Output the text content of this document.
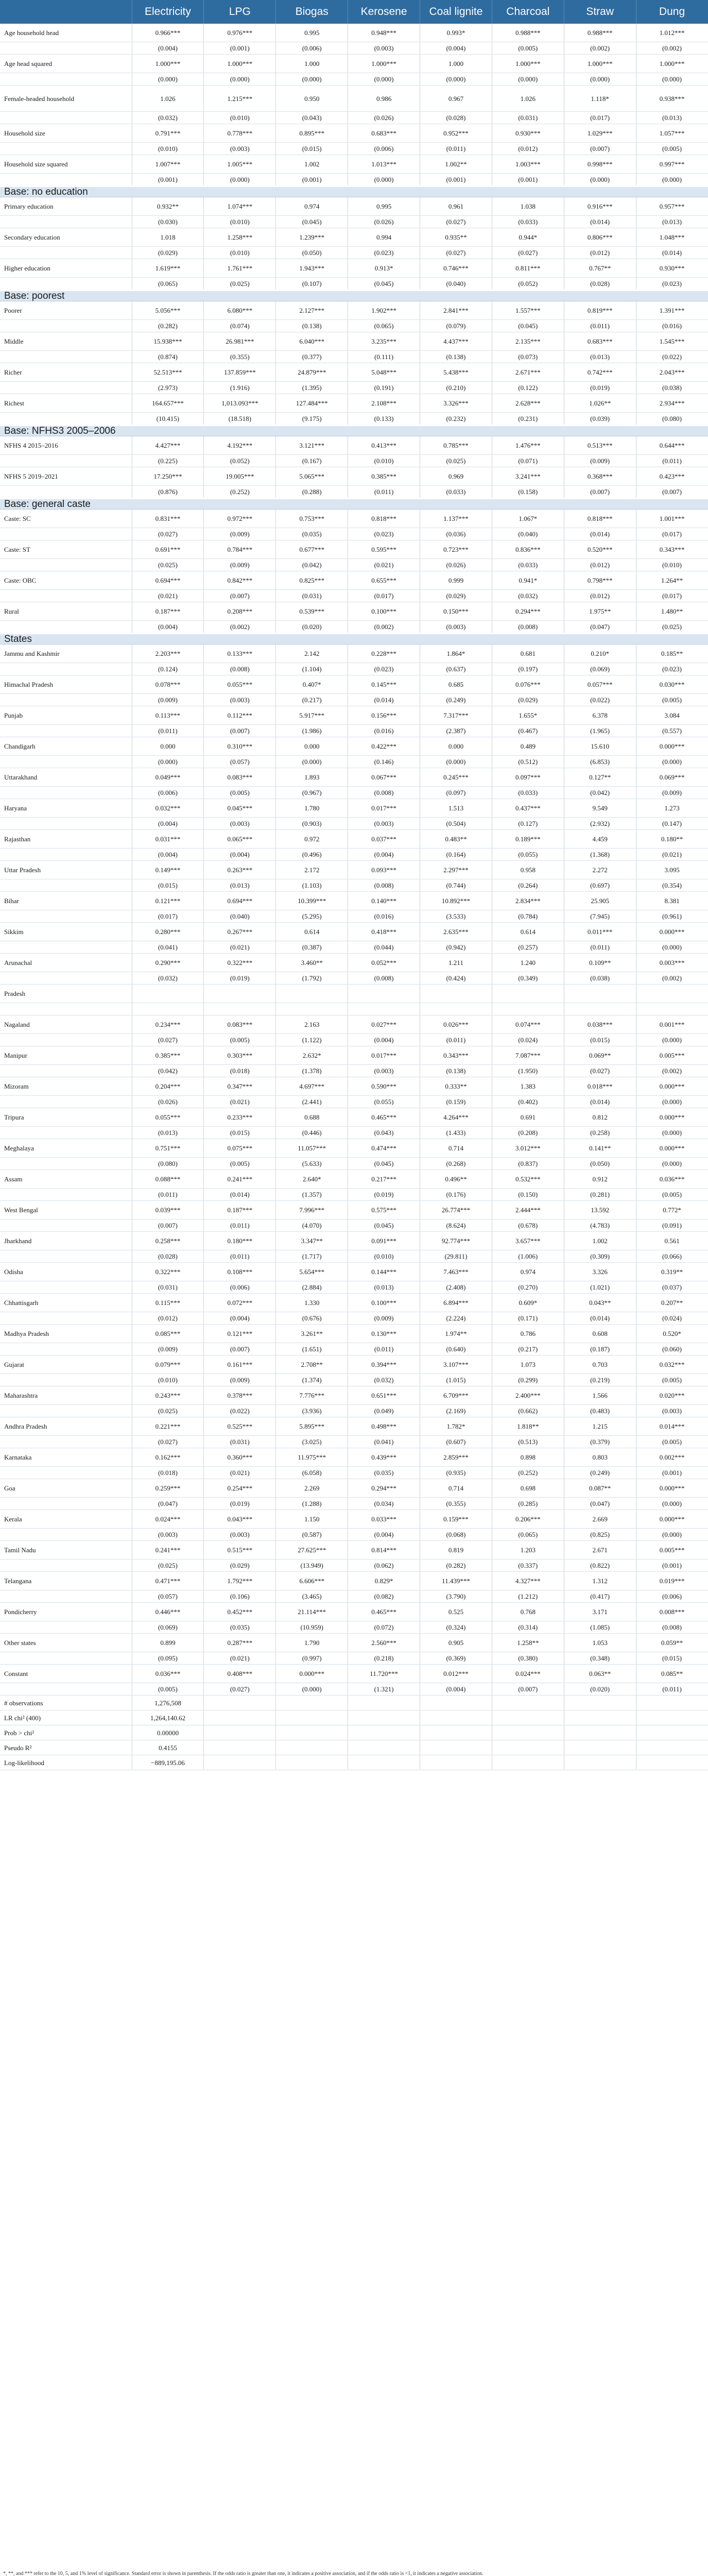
	Electricity	LPG	Biogas	Kerosene	Coal lignite	Charcoal	Straw	Dung
Age household head	0.966***	0.976***	0.995	0.948***	0.993*	0.988***	0.988***	1.012***
	(0.004)	(0.001)	(0.006)	(0.003)	(0.004)	(0.005)	(0.002)	(0.002)
Age head squared	1.000***	1.000***	1.000	1.000***	1.000	1.000***	1.000***	1.000***
	(0.000)	(0.000)	(0.000)	(0.000)	(0.000)	(0.000)	(0.000)	(0.000)
Female-headed household	1.026	1.215***	0.950	0.986	0.967	1.026	1.118*	0.938***
	(0.032)	(0.010)	(0.043)	(0.026)	(0.028)	(0.031)	(0.017)	(0.013)
Household size	0.791***	0.778***	0.895***	0.683***	0.952***	0.930***	1.029***	1.057***
	(0.010)	(0.003)	(0.015)	(0.006)	(0.011)	(0.012)	(0.007)	(0.005)
Household size squared	1.007***	1.005***	1.002	1.013***	1.002**	1.003***	0.998***	0.997***
	(0.001)	(0.000)	(0.001)	(0.000)	(0.001)	(0.001)	(0.000)	(0.000)
Base: no education								
Primary education	0.932**	1.074***	0.974	0.995	0.961	1.038	0.916***	0.957***
	(0.030)	(0.010)	(0.045)	(0.026)	(0.027)	(0.033)	(0.014)	(0.013)
Secondary education	1.018	1.258***	1.239***	0.994	0.935**	0.944*	0.806***	1.048***
	(0.029)	(0.010)	(0.050)	(0.023)	(0.027)	(0.027)	(0.012)	(0.014)
Higher education	1.619***	1.761***	1.943***	0.913*	0.746***	0.811***	0.767**	0.930***
	(0.065)	(0.025)	(0.107)	(0.045)	(0.040)	(0.052)	(0.028)	(0.023)
Base: poorest								
Poorer	5.056***	6.080***	2.127***	1.902***	2.841***	1.557***	0.819***	1.391***
	(0.282)	(0.074)	(0.138)	(0.065)	(0.079)	(0.045)	(0.011)	(0.016)
Middle	15.938***	26.981***	6.040***	3.235***	4.437***	2.135***	0.683***	1.545***
	(0.874)	(0.355)	(0.377)	(0.111)	(0.138)	(0.073)	(0.013)	(0.022)
Richer	52.513***	137.859***	24.879***	5.048***	5.438***	2.671***	0.742***	2.043***
	(2.973)	(1.916)	(1.395)	(0.191)	(0.210)	(0.122)	(0.019)	(0.038)
Richest	164.657***	1,013.093***	127.484***	2.108***	3.326***	2.628***	1.026**	2.934***
	(10.415)	(18.518)	(9.175)	(0.133)	(0.232)	(0.231)	(0.039)	(0.080)
Base: NFHS3 2005–2006								
NFHS 4 2015–2016	4.427***	4.192***	3.121***	0.413***	0.785***	1.476***	0.513***	0.644***
	(0.225)	(0.052)	(0.167)	(0.010)	(0.025)	(0.071)	(0.009)	(0.011)
NFHS 5 2019–2021	17.250***	19.005***	5.065***	0.385***	0.969	3.241***	0.368***	0.423***
	(0.876)	(0.252)	(0.288)	(0.011)	(0.033)	(0.158)	(0.007)	(0.007)
Base: general caste								
Caste: SC	0.831***	0.972***	0.753***	0.818***	1.137***	1.067*	0.818***	1.001***
	(0.027)	(0.009)	(0.035)	(0.023)	(0.036)	(0.040)	(0.014)	(0.017)
Caste: ST	0.691***	0.784***	0.677***	0.595***	0.723***	0.836***	0.520***	0.343***
	(0.025)	(0.009)	(0.042)	(0.021)	(0.026)	(0.033)	(0.012)	(0.010)
Caste: OBC	0.694***	0.842***	0.825***	0.655***	0.999	0.941*	0.798***	1.264**
	(0.021)	(0.007)	(0.031)	(0.017)	(0.029)	(0.032)	(0.012)	(0.017)
Rural	0.187***	0.208***	0.539***	0.100***	0.150***	0.294***	1.975**	1.480**
	(0.004)	(0.002)	(0.020)	(0.002)	(0.003)	(0.008)	(0.047)	(0.025)
States								
Jammu and Kashmir	2.203***	0.133***	2.142	0.228***	1.864*	0.681	0.210*	0.185**
	(0.124)	(0.008)	(1.104)	(0.023)	(0.637)	(0.197)	(0.069)	(0.023)
Himachal Pradesh	0.078***	0.055***	0.407*	0.145***	0.685	0.076***	0.057***	0.030***
	(0.009)	(0.003)	(0.217)	(0.014)	(0.249)	(0.029)	(0.022)	(0.005)
Punjab	0.113***	0.112***	5.917***	0.156***	7.317***	1.655*	6.378	3.084
	(0.011)	(0.007)	(1.986)	(0.016)	(2.387)	(0.467)	(1.965)	(0.557)
Chandigarh	0.000	0.310***	0.000	0.422***	0.000	0.489	15.610	0.000***
	(0.000)	(0.057)	(0.000)	(0.146)	(0.000)	(0.512)	(6.853)	(0.000)
Uttarakhand	0.049***	0.083***	1.893	0.067***	0.245***	0.097***	0.127**	0.069***
	(0.006)	(0.005)	(0.967)	(0.008)	(0.097)	(0.033)	(0.042)	(0.009)
Haryana	0.032***	0.045***	1.780	0.017***	1.513	0.437***	9.549	1.273
	(0.004)	(0.003)	(0.903)	(0.003)	(0.504)	(0.127)	(2.932)	(0.147)
Rajasthan	0.031***	0.065***	0.972	0.037***	0.483**	0.189***	4.459	0.180**
	(0.004)	(0.004)	(0.496)	(0.004)	(0.164)	(0.055)	(1.368)	(0.021)
Uttar Pradesh	0.149***	0.263***	2.172	0.093***	2.297***	0.958	2.272	3.095
	(0.015)	(0.013)	(1.103)	(0.008)	(0.744)	(0.264)	(0.697)	(0.354)
Bihar	0.121***	0.694***	10.399***	0.140***	10.892***	2.834***	25.905	8.381
	(0.017)	(0.040)	(5.295)	(0.016)	(3.533)	(0.784)	(7.945)	(0.961)
Sikkim	0.280***	0.267***	0.614	0.418***	2.635***	0.614	0.011***	0.000***
	(0.041)	(0.021)	(0.387)	(0.044)	(0.942)	(0.257)	(0.011)	(0.000)
Arunachal	0.290***	0.322***	3.460**	0.052***	1.211	1.240	0.109**	0.003***
	(0.032)	(0.019)	(1.792)	(0.008)	(0.424)	(0.349)	(0.038)	(0.002)
Pradesh								

Nagaland	0.234***	0.083***	2.163	0.027***	0.026***	0.074***	0.038***	0.001***
	(0.027)	(0.005)	(1.122)	(0.004)	(0.011)	(0.024)	(0.015)	(0.000)
Manipur	0.385***	0.303***	2.632*	0.017***	0.343***	7.087***	0.069**	0.005***
	(0.042)	(0.018)	(1.378)	(0.003)	(0.138)	(1.950)	(0.027)	(0.002)
Mizoram	0.204***	0.347***	4.697***	0.590***	0.333**	1.383	0.018***	0.000***
	(0.026)	(0.021)	(2.441)	(0.055)	(0.159)	(0.402)	(0.014)	(0.000)
Tripura	0.055***	0.233***	0.688	0.465***	4.264***	0.691	0.812	0.000***
	(0.013)	(0.015)	(0.446)	(0.043)	(1.433)	(0.208)	(0.258)	(0.000)
Meghalaya	0.751***	0.075***	11.057***	0.474***	0.714	3.012***	0.141**	0.000***
	(0.080)	(0.005)	(5.633)	(0.045)	(0.268)	(0.837)	(0.050)	(0.000)
Assam	0.088***	0.241***	2.640*	0.217***	0.496**	0.532***	0.912	0.036***
	(0.011)	(0.014)	(1.357)	(0.019)	(0.176)	(0.150)	(0.281)	(0.005)
West Bengal	0.039***	0.187***	7.996***	0.575***	26.774***	2.444***	13.592	0.772*
	(0.007)	(0.011)	(4.070)	(0.045)	(8.624)	(0.678)	(4.783)	(0.091)
Jharkhand	0.258***	0.180***	3.347**	0.091***	92.774***	3.657***	1.002	0.561
	(0.028)	(0.011)	(1.717)	(0.010)	(29.811)	(1.006)	(0.309)	(0.066)
Odisha	0.322***	0.108***	5.654***	0.144***	7.463***	0.974	3.326	0.319**
	(0.031)	(0.006)	(2.884)	(0.013)	(2.408)	(0.270)	(1.021)	(0.037)
Chhattisgarh	0.115***	0.072***	1.330	0.100***	6.894***	0.609*	0.043**	0.207**
	(0.012)	(0.004)	(0.676)	(0.009)	(2.224)	(0.171)	(0.014)	(0.024)
Madhya Pradesh	0.085***	0.121***	3.261**	0.130***	1.974**	0.786	0.608	0.520*
	(0.009)	(0.007)	(1.651)	(0.011)	(0.640)	(0.217)	(0.187)	(0.060)
Gujarat	0.079***	0.161***	2.708**	0.394***	3.107***	1.073	0.703	0.032***
	(0.010)	(0.009)	(1.374)	(0.032)	(1.015)	(0.299)	(0.219)	(0.005)
Maharashtra	0.243***	0.378***	7.776***	0.651***	6.709***	2.400***	1.566	0.020***
	(0.025)	(0.022)	(3.936)	(0.049)	(2.169)	(0.662)	(0.483)	(0.003)
Andhra Pradesh	0.221***	0.525***	5.895***	0.498***	1.782*	1.818**	1.215	0.014***
	(0.027)	(0.031)	(3.025)	(0.041)	(0.607)	(0.513)	(0.379)	(0.005)
Karnataka	0.162***	0.360***	11.975***	0.439***	2.859***	0.898	0.803	0.002***
	(0.018)	(0.021)	(6.058)	(0.035)	(0.935)	(0.252)	(0.249)	(0.001)
Goa	0.259***	0.254***	2.269	0.294***	0.714	0.698	0.087**	0.000***
	(0.047)	(0.019)	(1.288)	(0.034)	(0.355)	(0.285)	(0.047)	(0.000)
Kerala	0.024***	0.043***	1.150	0.033***	0.159***	0.206***	2.669	0.000***
	(0.003)	(0.003)	(0.587)	(0.004)	(0.068)	(0.065)	(0.825)	(0.000)
Tamil Nadu	0.241***	0.515***	27.625***	0.814***	0.819	1.203	2.671	0.005***
	(0.025)	(0.029)	(13.949)	(0.062)	(0.282)	(0.337)	(0.822)	(0.001)
Telangana	0.471***	1.792***	6.606***	0.829*	11.439***	4.327***	1.312	0.019***
	(0.057)	(0.106)	(3.465)	(0.082)	(3.790)	(1.212)	(0.417)	(0.006)
Pondicherry	0.446***	0.452***	21.114***	0.465***	0.525	0.768	3.171	0.008***
	(0.069)	(0.035)	(10.959)	(0.072)	(0.324)	(0.314)	(1.085)	(0.008)
Other states	0.899	0.287***	1.790	2.560***	0.905	1.258**	1.053	0.059**
	(0.095)	(0.021)	(0.997)	(0.218)	(0.369)	(0.380)	(0.348)	(0.015)
Constant	0.036***	0.408***	0.000***	11.720***	0.012***	0.024***	0.063**	0.085**
	(0.005)	(0.027)	(0.000)	(1.321)	(0.004)	(0.007)	(0.020)	(0.011)
# observations	1,276,508							
LR chi² (400)	1,264,140.62							
Prob > chi²	0.00000							
Pseudo R²	0.4155							
Log-likelihood	−889,195.06							
*, **, and *** refer to the 10, 5, and 1% level of significance. Standard error is shown in parenthesis. If the odds ratio is greater than one, it indicates a positive association, and if the odds ratio is <1, it indicates a negative association.
